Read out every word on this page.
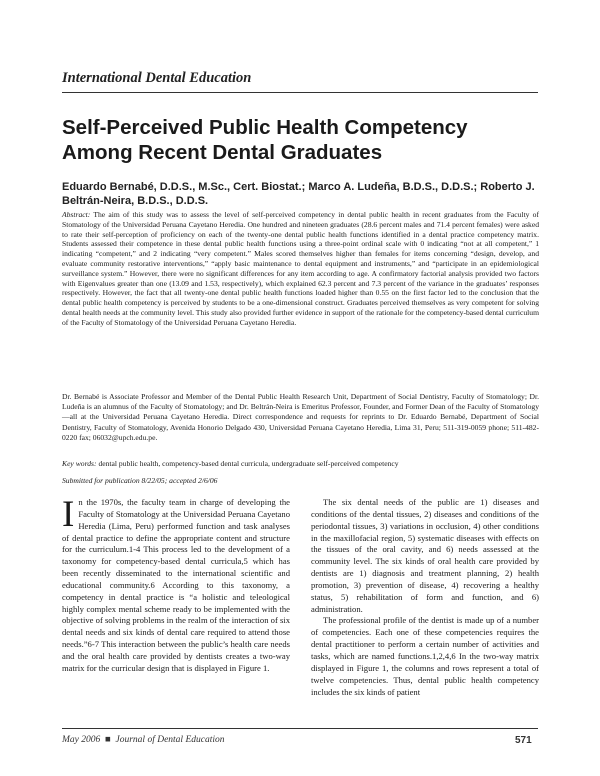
International Dental Education
Self-Perceived Public Health Competency Among Recent Dental Graduates
Eduardo Bernabé, D.D.S., M.Sc., Cert. Biostat.; Marco A. Ludeña, B.D.S., D.D.S.; Roberto J. Beltrán-Neira, B.D.S., D.D.S.
Abstract: The aim of this study was to assess the level of self-perceived competency in dental public health in recent graduates from the Faculty of Stomatology of the Universidad Peruana Cayetano Heredia. One hundred and nineteen graduates (28.6 percent males and 71.4 percent females) were asked to rate their self-perception of proficiency on each of the twenty-one dental public health functions identified in a dental practice competency matrix. Students assessed their competence in these dental public health functions using a three-point ordinal scale with 0 indicating “not at all competent,” 1 indicating “competent,” and 2 indicating “very competent.” Males scored themselves higher than females for items concerning “design, develop, and evaluate community restorative interventions,” “apply basic maintenance to dental equipment and instruments,” and “participate in an epidemiological surveillance system.” However, there were no significant differences for any item according to age. A confirmatory factorial analysis provided two factors with Eigenvalues greater than one (13.09 and 1.53, respectively), which explained 62.3 percent and 7.3 percent of the variance in the graduates’ responses respectively. However, the fact that all twenty-one dental public health functions loaded higher than 0.55 on the first factor led to the conclusion that the dental public health competency is perceived by students to be a one-dimensional construct. Graduates perceived themselves as very competent for solving dental health needs at the community level. This study also provided further evidence in support of the rationale for the competency-based dental curriculum of the Faculty of Stomatology of the Universidad Peruana Cayetano Heredia.
Dr. Bernabé is Associate Professor and Member of the Dental Public Health Research Unit, Department of Social Dentistry, Faculty of Stomatology; Dr. Ludeña is an alumnus of the Faculty of Stomatology; and Dr. Beltrán-Neira is Emeritus Professor, Founder, and Former Dean of the Faculty of Stomatology—all at the Universidad Peruana Cayetano Heredia. Direct correspondence and requests for reprints to Dr. Eduardo Bernabé, Department of Social Dentistry, Faculty of Stomatology, Avenida Honorio Delgado 430, Universidad Peruana Cayetano Heredia, Lima 31, Peru; 511-319-0059 phone; 511-482-0220 fax; 06032@upch.edu.pe.
Key words: dental public health, competency-based dental curricula, undergraduate self-perceived competency
Submitted for publication 8/22/05; accepted 2/6/06

I n the 1970s, the faculty team in charge of developing the Faculty of Stomatology at the Universidad Peruana Cayetano Heredia (Lima, Peru) performed function and task analyses of dental practice to define the appropriate content and structure for the curriculum.1-4 This process led to the development of a taxonomy for competency-based dental curricula,5 which has been recently disseminated to the international scientific and educational community.6 According to this taxonomy, a competency in dental practice is “a holistic and teleological highly complex mental scheme ready to be implemented with the objective of solving problems in the realm of the interaction of six dental needs and six kinds of dental care required to attend those needs.”6-7 This interaction between the public’s health care needs and the oral health care provided by dentists creates a two-way matrix for the curricular design that is displayed in Figure 1.

The six dental needs of the public are 1) diseases and conditions of the dental tissues, 2) diseases and conditions of the periodontal tissues, 3) variations in occlusion, 4) other conditions in the maxillofacial region, 5) systematic diseases with effects on the tissues of the oral cavity, and 6) needs assessed at the community level. The six kinds of oral health care provided by dentists are 1) diagnosis and treatment planning, 2) health promotion, 3) prevention of disease, 4) recovering a healthy status, 5) rehabilitation of form and function, and 6) administration.

The professional profile of the dentist is made up of a number of competencies. Each one of these competencies requires the dental practitioner to perform a certain number of activities and tasks, which are named functions.1,2,4,6 In the two-way matrix displayed in Figure 1, the columns and rows represent a total of twelve competencies. Thus, dental public health competency includes the six kinds of patient

May 2006  ■  Journal of Dental Education	571
